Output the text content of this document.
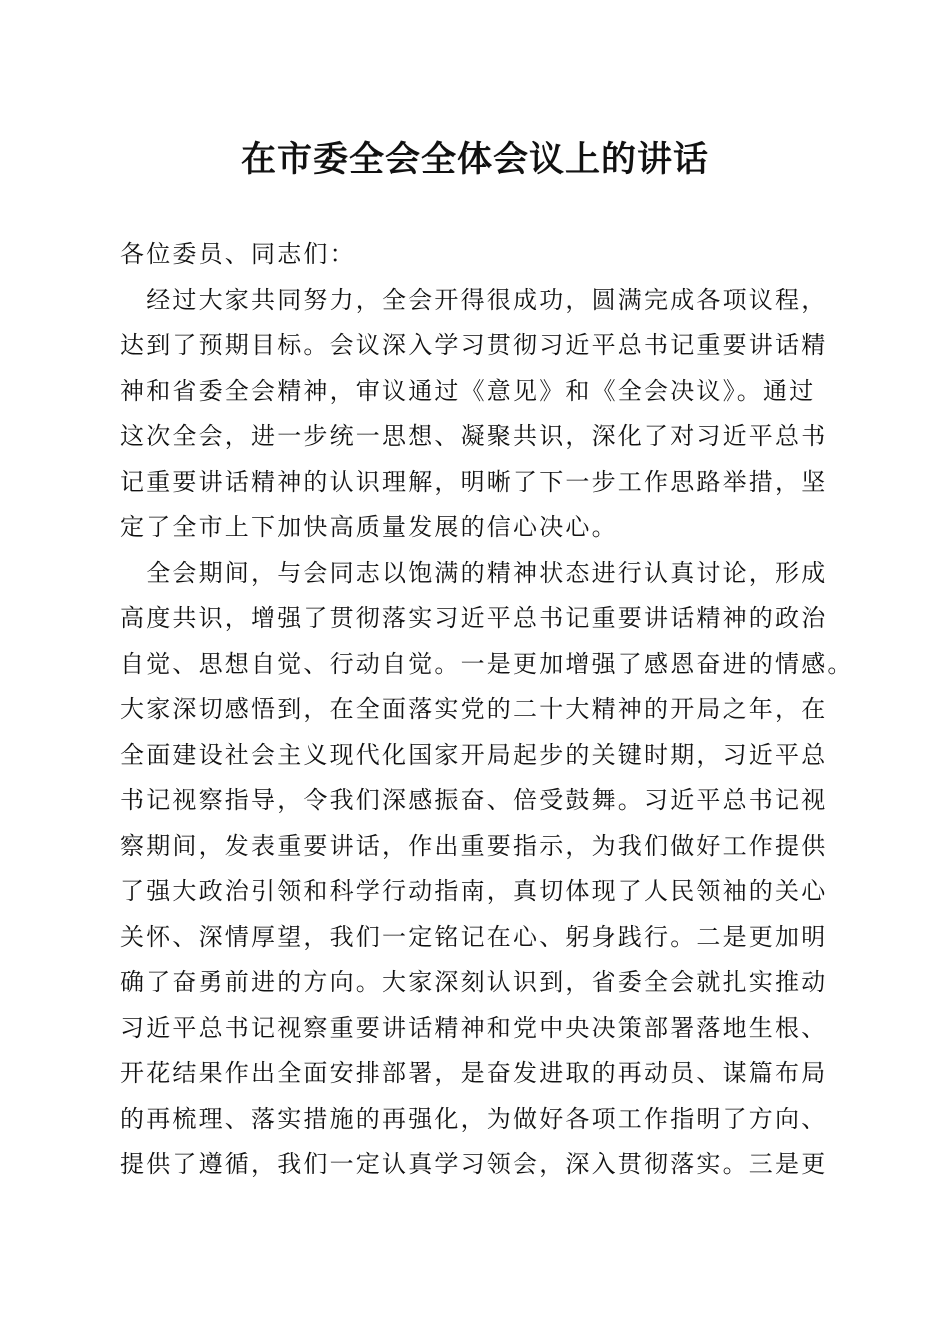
在市委全会全体会议上的讲话
各位委员、同志们：
　经过大家共同努力，全会开得很成功，圆满完成各项议程，
达到了预期目标。会议深入学习贯彻习近平总书记重要讲话精
神和省委全会精神，审议通过《意见》和《全会决议》。通过
这次全会，进一步统一思想、凝聚共识，深化了对习近平总书
记重要讲话精神的认识理解，明晰了下一步工作思路举措，坚
定了全市上下加快高质量发展的信心决心。
　全会期间，与会同志以饱满的精神状态进行认真讨论，形成
高度共识，增强了贯彻落实习近平总书记重要讲话精神的政治
自觉、思想自觉、行动自觉。一是更加增强了感恩奋进的情感。
大家深切感悟到，在全面落实党的二十大精神的开局之年，在
全面建设社会主义现代化国家开局起步的关键时期，习近平总
书记视察指导，令我们深感振奋、倍受鼓舞。习近平总书记视
察期间，发表重要讲话，作出重要指示，为我们做好工作提供
了强大政治引领和科学行动指南，真切体现了人民领袖的关心
关怀、深情厚望，我们一定铭记在心、躬身践行。二是更加明
确了奋勇前进的方向。大家深刻认识到，省委全会就扎实推动
习近平总书记视察重要讲话精神和党中央决策部署落地生根、
开花结果作出全面安排部署，是奋发进取的再动员、谋篇布局
的再梳理、落实措施的再强化，为做好各项工作指明了方向、
提供了遵循，我们一定认真学习领会，深入贯彻落实。三是更
